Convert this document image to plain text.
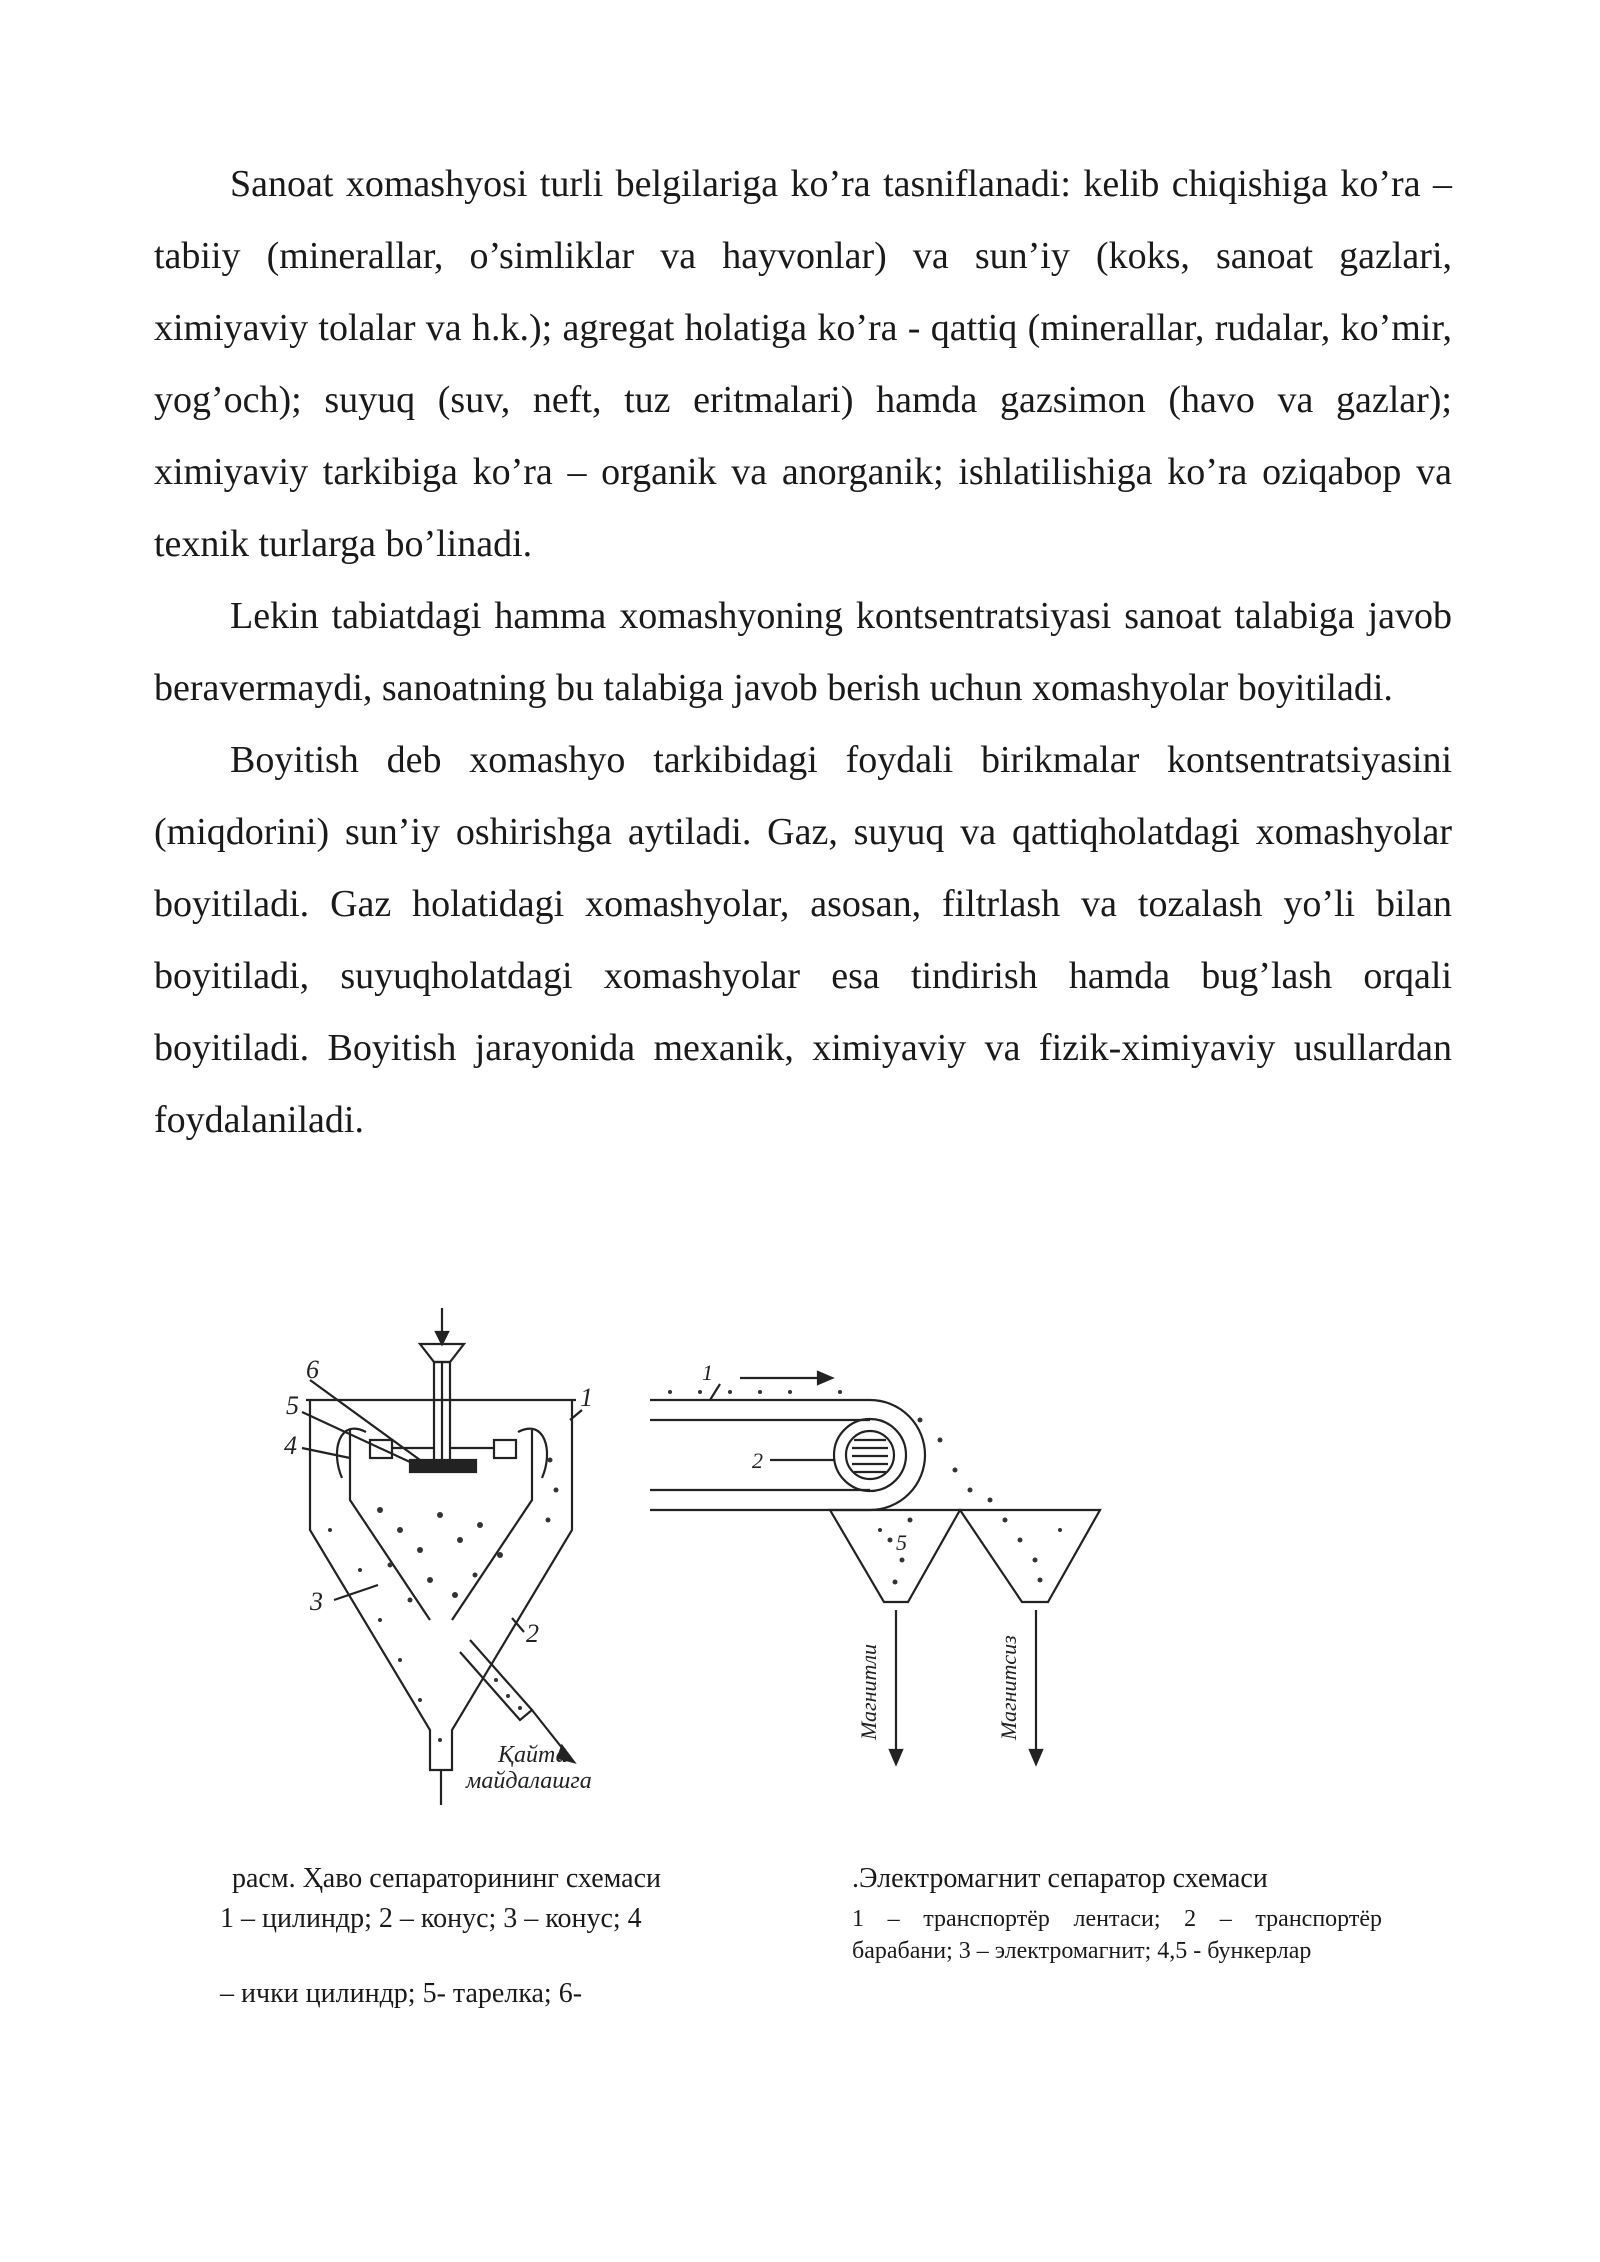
Sanoat xomashyosi turli belgilariga ko’ra tasniflanadi: kelib chiqishiga ko’ra – tabiiy (minerallar, o’simliklar va hayvonlar) va sun’iy (koks, sanoat gazlari, ximiyaviy tolalar va h.k.); agregat holatiga ko’ra - qattiq (minerallar, rudalar, ko’mir, yog’och); suyuq (suv, neft, tuz eritmalari) hamda gazsimon (havo va gazlar); ximiyaviy tarkibiga ko’ra – organik va anorganik; ishlatilishiga ko’ra oziqabop va texnik turlarga bo’linadi.

Lekin tabiatdagi hamma xomashyoning kontsentratsiyasi sanoat talabiga javob beravermaydi, sanoatning bu talabiga javob berish uchun xomashyolar boyitiladi.

Boyitish deb xomashyo tarkibidagi foydali birikmalar kontsentratsiyasini (miqdorini) sun’iy oshirishga aytiladi. Gaz, suyuq va qattiqholatdagi xomashyolar boyitiladi. Gaz holatidagi xomashyolar, asosan, filtrlash va tozalash yo’li bilan boyitiladi, suyuqholatdagi xomashyolar esa tindirish hamda bug’lash orqali boyitiladi. Boyitish jarayonida mexanik, ximiyaviy va fizik-ximiyaviy usullardan foydalaniladi.

6
5
4
1
3
2
Қайта
майдалашга
1
2
5
Магнитли	Магнитсиз

расм. Ҳаво сепараторининг схемаси

1 – цилиндр; 2 – конус; 3 – конус; 4

– ички цилиндр; 5- тарелка; 6-

.Электромагнит сепаратор схемаси

1 – транспортёр лентаси; 2 – транспортёр барабани; 3 – электромагнит; 4,5 - бункерлар
